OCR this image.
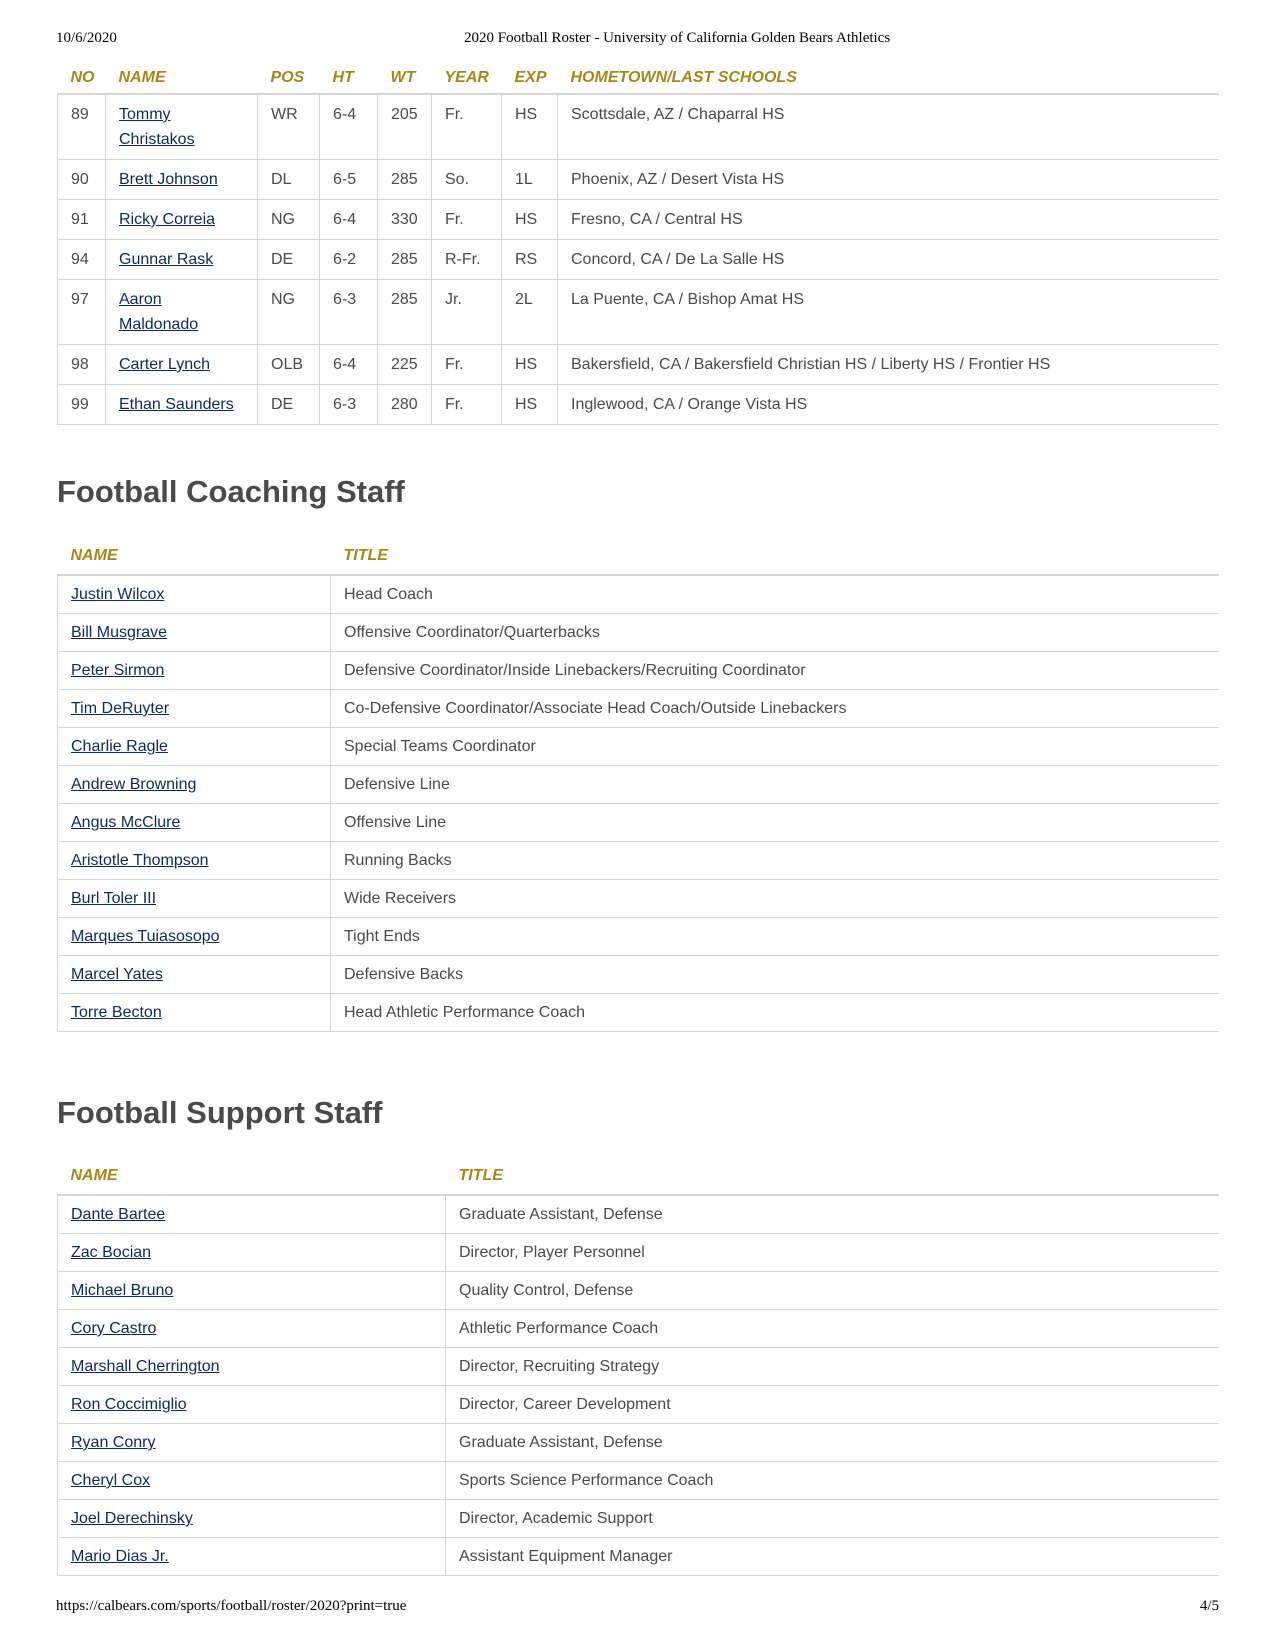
10/6/2020	2020 Football Roster - University of California Golden Bears Athletics
NO	NAME	POS	HT	WT	YEAR	EXP	HOMETOWN/LAST SCHOOLS
89	Tommy Christakos	WR	6-4	205	Fr.	HS	Scottsdale, AZ / Chaparral HS
90	Brett Johnson	DL	6-5	285	So.	1L	Phoenix, AZ / Desert Vista HS
91	Ricky Correia	NG	6-4	330	Fr.	HS	Fresno, CA / Central HS
94	Gunnar Rask	DE	6-2	285	R-Fr.	RS	Concord, CA / De La Salle HS
97	Aaron Maldonado	NG	6-3	285	Jr.	2L	La Puente, CA / Bishop Amat HS
98	Carter Lynch	OLB	6-4	225	Fr.	HS	Bakersfield, CA / Bakersfield Christian HS / Liberty HS / Frontier HS
99	Ethan Saunders	DE	6-3	280	Fr.	HS	Inglewood, CA / Orange Vista HS
Football Coaching Staff
NAME	TITLE
Justin Wilcox	Head Coach
Bill Musgrave	Offensive Coordinator/Quarterbacks
Peter Sirmon	Defensive Coordinator/Inside Linebackers/Recruiting Coordinator
Tim DeRuyter	Co-Defensive Coordinator/Associate Head Coach/Outside Linebackers
Charlie Ragle	Special Teams Coordinator
Andrew Browning	Defensive Line
Angus McClure	Offensive Line
Aristotle Thompson	Running Backs
Burl Toler III	Wide Receivers
Marques Tuiasosopo	Tight Ends
Marcel Yates	Defensive Backs
Torre Becton	Head Athletic Performance Coach
Football Support Staff
NAME	TITLE
Dante Bartee	Graduate Assistant, Defense
Zac Bocian	Director, Player Personnel
Michael Bruno	Quality Control, Defense
Cory Castro	Athletic Performance Coach
Marshall Cherrington	Director, Recruiting Strategy
Ron Coccimiglio	Director, Career Development
Ryan Conry	Graduate Assistant, Defense
Cheryl Cox	Sports Science Performance Coach
Joel Derechinsky	Director, Academic Support
Mario Dias Jr.	Assistant Equipment Manager
https://calbears.com/sports/football/roster/2020?print=true	4/5
